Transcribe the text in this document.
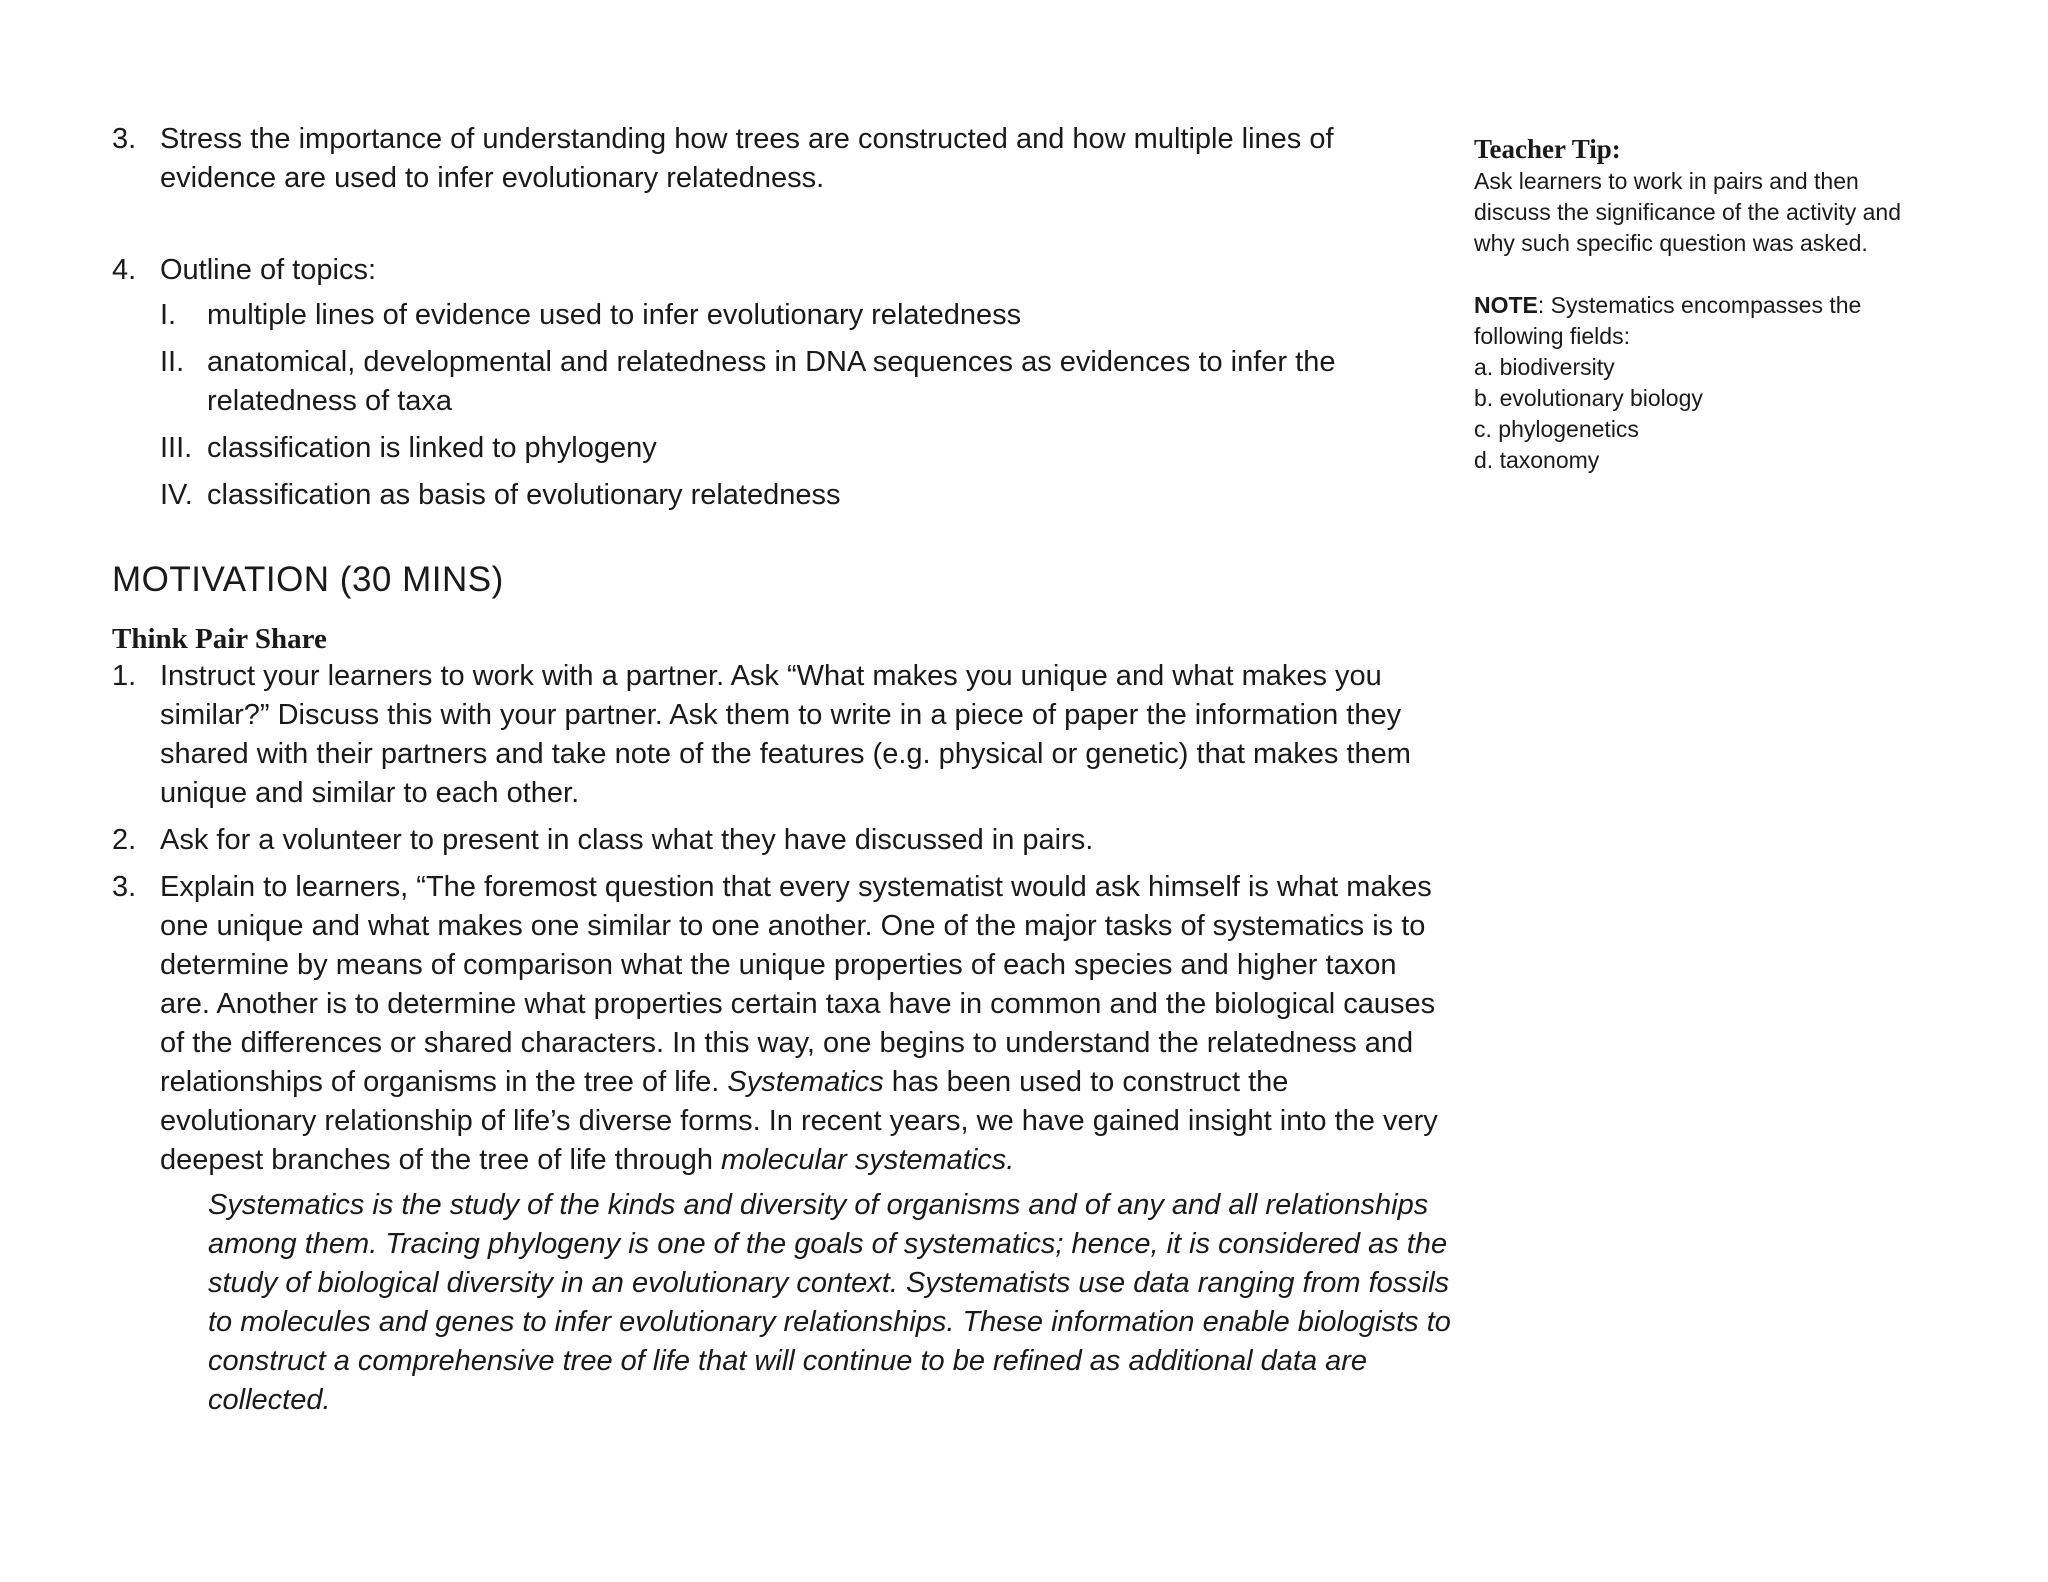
3. Stress the importance of understanding how trees are constructed and how multiple lines of evidence are used to infer evolutionary relatedness.
4. Outline of topics:
I.	multiple lines of evidence used to infer evolutionary relatedness
II. anatomical, developmental and relatedness in DNA sequences as evidences to infer the relatedness of taxa
III. classification is linked to phylogeny
IV. classification as basis of evolutionary relatedness
MOTIVATION (30 MINS)
Think Pair Share
1. Instruct your learners to work with a partner. Ask “What makes you unique and what makes you similar?” Discuss this with your partner. Ask them to write in a piece of paper the information they shared with their partners and take note of the features (e.g. physical or genetic) that makes them unique and similar to each other.
2. Ask for a volunteer to present in class what they have discussed in pairs.
3. Explain to learners, “The foremost question that every systematist would ask himself is what makes one unique and what makes one similar to one another. One of the major tasks of systematics is to determine by means of comparison what the unique properties of each species and higher taxon are. Another is to determine what properties certain taxa have in common and the biological causes of the differences or shared characters. In this way, one begins to understand the relatedness and relationships of organisms in the tree of life. Systematics has been used to construct the evolutionary relationship of life’s diverse forms. In recent years, we have gained insight into the very deepest branches of the tree of life through molecular systematics.
Systematics is the study of the kinds and diversity of organisms and of any and all relationships among them. Tracing phylogeny is one of the goals of systematics; hence, it is considered as the study of biological diversity in an evolutionary context. Systematists use data ranging from fossils to molecules and genes to infer evolutionary relationships. These information enable biologists to construct a comprehensive tree of life that will continue to be refined as additional data are collected.
Teacher Tip:
Ask learners to work in pairs and then discuss the significance of the activity and why such specific question was asked.
NOTE: Systematics encompasses the following fields:
a. biodiversity
b. evolutionary biology
c. phylogenetics
d. taxonomy
